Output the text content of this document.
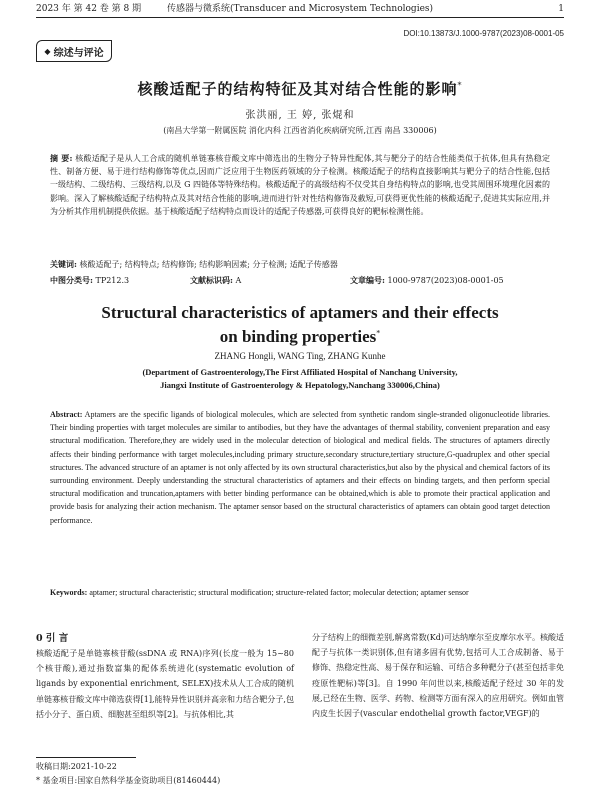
2023 年 第 42 卷 第 8 期	传感器与微系统(Transducer and Microsystem Technologies)	1
◆ 综述与评论
DOI:10.13873/J.1000-9787(2023)08-0001-05
核酸适配子的结构特征及其对结合性能的影响*
张洪丽, 王 婷, 张焜和
(南昌大学第一附属医院 消化内科 江西省消化疾病研究所,江西 南昌 330006)
摘 要: 核酸适配子是从人工合成的随机单链寡核苷酸文库中筛选出的生物分子特异性配体,其与靶分子的结合性能类似于抗体,但具有热稳定性、制备方便、易于进行结构修饰等优点,因而广泛应用于生物医药领域的分子检测。核酸适配子的结构直接影响其与靶分子的结合性能,包括一级结构、二级结构、三级结构,以及 G 四链体等特殊结构。核酸适配子的高级结构不仅受其自身结构特点的影响,也受其周围环境理化因素的影响。深入了解核酸适配子结构特点及其对结合性能的影响,进而进行针对性结构修饰及截短,可获得更优性能的核酸适配子,促进其实际应用,并为分析其作用机制提供依据。基于核酸适配子结构特点而设计的适配子传感器,可获得良好的靶标检测性能。
关键词: 核酸适配子; 结构特点; 结构修饰; 结构影响因素; 分子检测; 适配子传感器
中图分类号: TP212.3	文献标识码: A	文章编号: 1000-9787(2023)08-0001-05
Structural characteristics of aptamers and their effects
on binding properties*
ZHANG Hongli, WANG Ting, ZHANG Kunhe
(Department of Gastroenterology,The First Affiliated Hospital of Nanchang University,
Jiangxi Institute of Gastroenterology & Hepatology,Nanchang 330006,China)
Abstract: Aptamers are the specific ligands of biological molecules, which are selected from synthetic random single-stranded oligonucleotide libraries. Their binding properties with target molecules are similar to antibodies, but they have the advantages of thermal stability, convenient preparation and easy structural modification. Therefore,they are widely used in the molecular detection of biological and medical fields. The structures of aptamers directly affects their binding performance with target molecules,including primary structure,secondary structure,tertiary structure,G-quadruplex and other special structures. The advanced structure of an aptamer is not only affected by its own structural characteristics,but also by the physical and chemical factors of its surrounding environment. Deeply understanding the structural characteristics of aptamers and their effects on binding targets, and then perform special structural modification and truncation,aptamers with better binding performance can be obtained,which is able to promote their practical application and provide basis for analyzing their action mechanism. The aptamer sensor based on the structural characteristics of aptamers can obtain good target detection performance.
Keywords: aptamer; structural characteristic; structural modification; structure-related factor; molecular detection; aptamer sensor
0 引 言
核酸适配子是单链寡核苷酸(ssDNA 或 RNA)序列(长度一般为 15~80 个核苷酸),通过指数富集的配体系统进化(systematic evolution of ligands by exponential enrichment, SELEX)技术从人工合成的随机单链寡核苷酸文库中筛选获得[1],能特异性识别并高亲和力结合靶分子,包括小分子、蛋白质、细胞甚至组织等[2]。与抗体相比,其
分子结构上的细微差别,解离常数(Kd)可达纳摩尔至皮摩尔水平。核酸适配子与抗体一类识别体,但有诸多固有优势,包括可人工合成制备、易于修饰、热稳定性高、易于保存和运输、可结合多种靶分子(甚至包括非免疫原性靶标)等[3]。自 1990 年问世以来,核酸适配子经过 30 年的发展,已经在生物、医学、药物、检测等方面有深入的应用研究。例如血管内皮生长因子(vascular endothelial growth factor,VEGF)的
收稿日期:2021-10-22
* 基金项目:国家自然科学基金资助项目(81460444)
